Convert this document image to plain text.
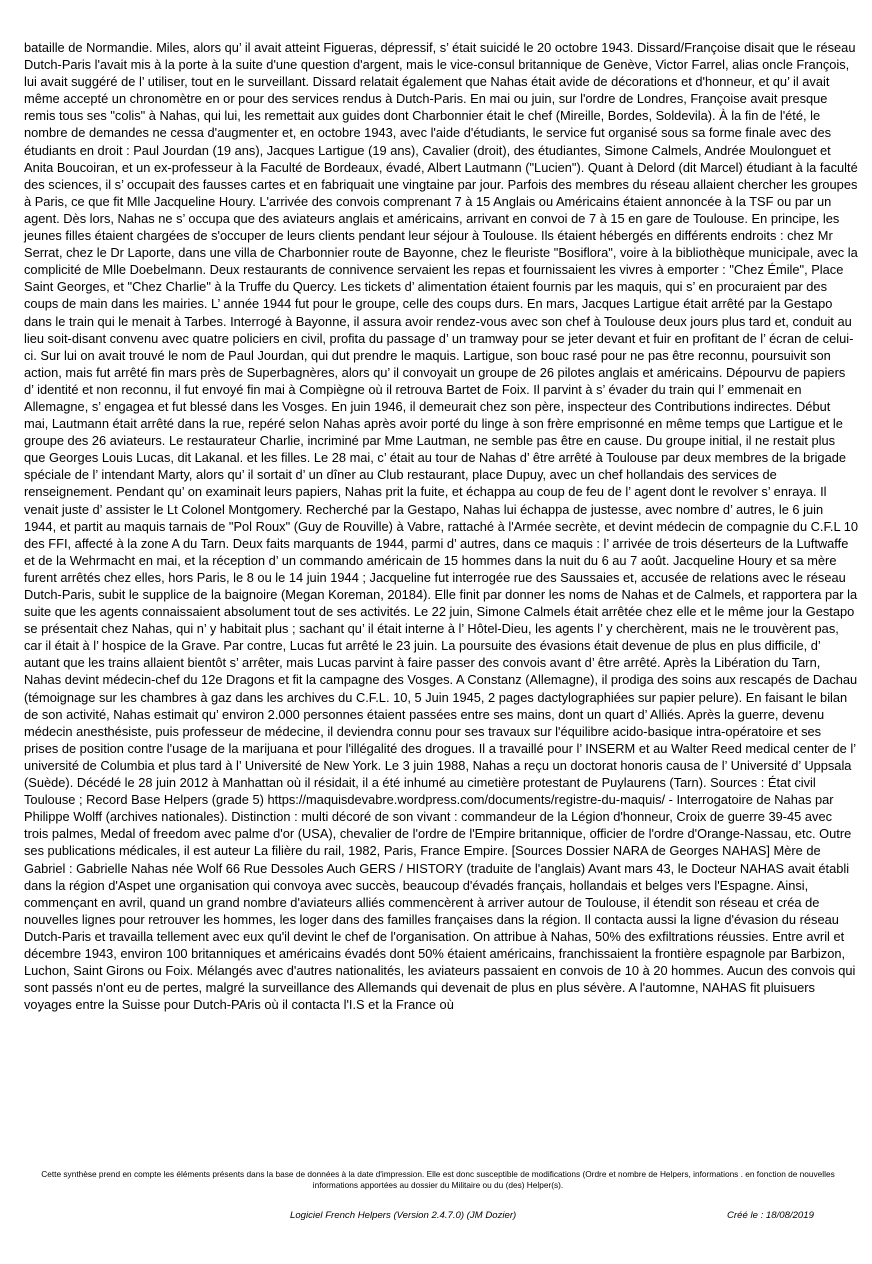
bataille de Normandie. Miles, alors qu’ il avait atteint Figueras, dépressif, s’ était suicidé le 20 octobre 1943. Dissard/Françoise disait que le réseau Dutch-Paris l'avait mis à la porte à la suite d'une question d'argent, mais le vice-consul britannique de Genève, Victor Farrel, alias oncle François, lui avait suggéré de l’ utiliser, tout en le surveillant. Dissard relatait également que Nahas était avide de décorations et d'honneur, et qu’ il avait même accepté un chronomètre en or pour des services rendus à Dutch-Paris. En mai ou juin, sur l'ordre de Londres, Françoise avait presque remis tous ses "colis" à Nahas, qui lui, les remettait aux guides dont Charbonnier était le chef (Mireille, Bordes, Soldevila). À la fin de l'été, le nombre de demandes ne cessa d'augmenter et, en octobre 1943, avec l'aide d'étudiants, le service fut organisé sous sa forme finale avec des étudiants en droit : Paul Jourdan (19 ans), Jacques Lartigue (19 ans), Cavalier (droit), des étudiantes, Simone Calmels, Andrée Moulonguet et Anita Boucoiran, et un ex-professeur à la Faculté de Bordeaux, évadé, Albert Lautmann ("Lucien"). Quant à Delord (dit Marcel) étudiant à la faculté des sciences, il s’ occupait des fausses cartes et en fabriquait une vingtaine par jour. Parfois des membres du réseau allaient chercher les groupes à Paris, ce que fit Mlle Jacqueline Houry. L'arrivée des convois comprenant 7 à 15 Anglais ou Américains étaient annoncée à la TSF ou par un agent. Dès lors, Nahas ne s’ occupa que des aviateurs anglais et américains, arrivant en convoi de 7 à 15 en gare de Toulouse. En principe, les jeunes filles étaient chargées de s'occuper de leurs clients pendant leur séjour à Toulouse. Ils étaient hébergés en différents endroits : chez Mr Serrat, chez le Dr Laporte, dans une villa de Charbonnier route de Bayonne, chez le fleuriste "Bosiflora", voire à la bibliothèque municipale, avec la complicité de Mlle Doebelmann. Deux restaurants de connivence servaient les repas et fournissaient les vivres à emporter : "Chez Émile", Place Saint Georges, et "Chez Charlie" à la Truffe du Quercy. Les tickets d’ alimentation étaient fournis par les maquis, qui s’ en procuraient par des coups de main dans les mairies. L’ année 1944 fut pour le groupe, celle des coups durs. En mars, Jacques Lartigue était arrêté par la Gestapo dans le train qui le menait à Tarbes. Interrogé à Bayonne, il assura avoir rendez-vous avec son chef à Toulouse deux jours plus tard et, conduit au lieu soit-disant convenu avec quatre policiers en civil, profita du passage d’ un tramway pour se jeter devant et fuir en profitant de l’ écran de celui-ci. Sur lui on avait trouvé le nom de Paul Jourdan, qui dut prendre le maquis. Lartigue, son bouc rasé pour ne pas être reconnu, poursuivit son action, mais fut arrêté fin mars près de Superbagnères, alors qu’ il convoyait un groupe de 26 pilotes anglais et américains. Dépourvu de papiers d’ identité et non reconnu, il fut envoyé fin mai à Compiègne où il retrouva Bartet de Foix. Il parvint à s’ évader du train qui l’ emmenait en Allemagne, s’ engagea et fut blessé dans les Vosges. En juin 1946, il demeurait chez son père, inspecteur des Contributions indirectes. Début mai, Lautmann était arrêté dans la rue, repéré selon Nahas après avoir porté du linge à son frère emprisonné en même temps que Lartigue et le groupe des 26 aviateurs. Le restaurateur Charlie, incriminé par Mme Lautman, ne semble pas être en cause. Du groupe initial, il ne restait plus que Georges Louis Lucas, dit Lakanal. et les filles. Le 28 mai, c’ était au tour de Nahas d’ être arrêté à Toulouse par deux membres de la brigade spéciale de l’ intendant Marty, alors qu’ il sortait d’ un dîner au Club restaurant, place Dupuy, avec un chef hollandais des services de renseignement. Pendant qu’ on examinait leurs papiers, Nahas prit la fuite, et échappa au coup de feu de l’ agent dont le revolver s’ enraya. Il venait juste d’ assister le Lt Colonel Montgomery. Recherché par la Gestapo, Nahas lui échappa de justesse, avec nombre d’ autres, le 6 juin 1944, et partit au maquis tarnais de "Pol Roux" (Guy de Rouville) à Vabre, rattaché à l'Armée secrète, et devint médecin de compagnie du C.F.L 10 des FFI, affecté à la zone A du Tarn. Deux faits marquants de 1944, parmi d’ autres, dans ce maquis : l’ arrivée de trois déserteurs de la Luftwaffe et de la Wehrmacht en mai, et la réception d’ un commando américain de 15 hommes dans la nuit du 6 au 7 août. Jacqueline Houry et sa mère furent arrêtés chez elles, hors Paris, le 8 ou le 14 juin 1944 ; Jacqueline fut interrogée rue des Saussaies et, accusée de relations avec le réseau Dutch-Paris, subit le supplice de la baignoire (Megan Koreman, 20184). Elle finit par donner les noms de Nahas et de Calmels, et rapportera par la suite que les agents connaissaient absolument tout de ses activités. Le 22 juin, Simone Calmels était arrêtée chez elle et le même jour la Gestapo se présentait chez Nahas, qui n’ y habitait plus ; sachant qu’ il était interne à l’ Hôtel-Dieu, les agents l’ y cherchèrent, mais ne le trouvèrent pas, car il était à l’ hospice de la Grave. Par contre, Lucas fut arrêté le 23 juin. La poursuite des évasions était devenue de plus en plus difficile, d’ autant que les trains allaient bientôt s’ arrêter, mais Lucas parvint à faire passer des convois avant d’ être arrêté. Après la Libération du Tarn, Nahas devint médecin-chef du 12e Dragons et fit la campagne des Vosges. A Constanz (Allemagne), il prodiga des soins aux rescapés de Dachau (témoignage sur les chambres à gaz dans les archives du C.F.L. 10, 5 Juin 1945, 2 pages dactylographiées sur papier pelure). En faisant le bilan de son activité, Nahas estimait qu’ environ 2.000 personnes étaient passées entre ses mains, dont un quart d’ Alliés. Après la guerre, devenu médecin anesthésiste, puis professeur de médecine, il deviendra connu pour ses travaux sur l'équilibre acido-basique intra-opératoire et ses prises de position contre l'usage de la marijuana et pour l'illégalité des drogues. Il a travaillé pour l’ INSERM et au Walter Reed medical center de l’ université de Columbia et plus tard à l’ Université de New York. Le 3 juin 1988, Nahas a reçu un doctorat honoris causa de l’ Université d’ Uppsala (Suède). Décédé le 28 juin 2012 à Manhattan où il résidait, il a été inhumé au cimetière protestant de Puylaurens (Tarn). Sources : État civil Toulouse ; Record Base Helpers (grade 5) https://maquisdevabre.wordpress.com/documents/registre-du-maquis/ - Interrogatoire de Nahas par Philippe Wolff (archives nationales). Distinction : multi décoré de son vivant : commandeur de la Légion d'honneur, Croix de guerre 39-45 avec trois palmes, Medal of freedom avec palme d'or (USA), chevalier de l'ordre de l'Empire britannique, officier de l'ordre d'Orange-Nassau, etc. Outre ses publications médicales, il est auteur La filière du rail, 1982, Paris, France Empire. [Sources Dossier NARA de Georges NAHAS] Mère de Gabriel : Gabrielle Nahas née Wolf 66 Rue Dessoles Auch GERS / HISTORY (traduite de l'anglais) Avant mars 43, le Docteur NAHAS avait établi dans la région d'Aspet une organisation qui convoya avec succès, beaucoup d'évadés français, hollandais et belges vers l'Espagne. Ainsi, commençant en avril, quand un grand nombre d'aviateurs alliés commencèrent à arriver autour de Toulouse, il étendit son réseau et créa de nouvelles lignes pour retrouver les hommes, les loger dans des familles françaises dans la région. Il contacta aussi la ligne d'évasion du réseau Dutch-Paris et travailla tellement avec eux qu'il devint le chef de l'organisation. On attribue à Nahas, 50% des exfiltrations réussies. Entre avril et décembre 1943, environ 100 britanniques et américains évadés dont 50% étaient américains, franchissaient la frontière espagnole par Barbizon, Luchon, Saint Girons ou Foix. Mélangés avec d'autres nationalités, les aviateurs passaient en convois de 10 à 20 hommes. Aucun des convois qui sont passés n'ont eu de pertes, malgré la surveillance des Allemands qui devenait de plus en plus sévère. A l'automne, NAHAS fit pluisuers voyages entre la Suisse pour Dutch-PAris où il contacta l'I.S et la France où

Cette synthèse prend en compte les éléments présents dans la base de données à la date d'impression. Elle est donc susceptible de modifications (Ordre et nombre de Helpers, informations . en fonction de nouvelles informations apportées au dossier du Militaire ou du (des) Helper(s).

Logiciel French Helpers (Version 2.4.7.0) (JM Dozier)	Créé le : 18/08/2019
